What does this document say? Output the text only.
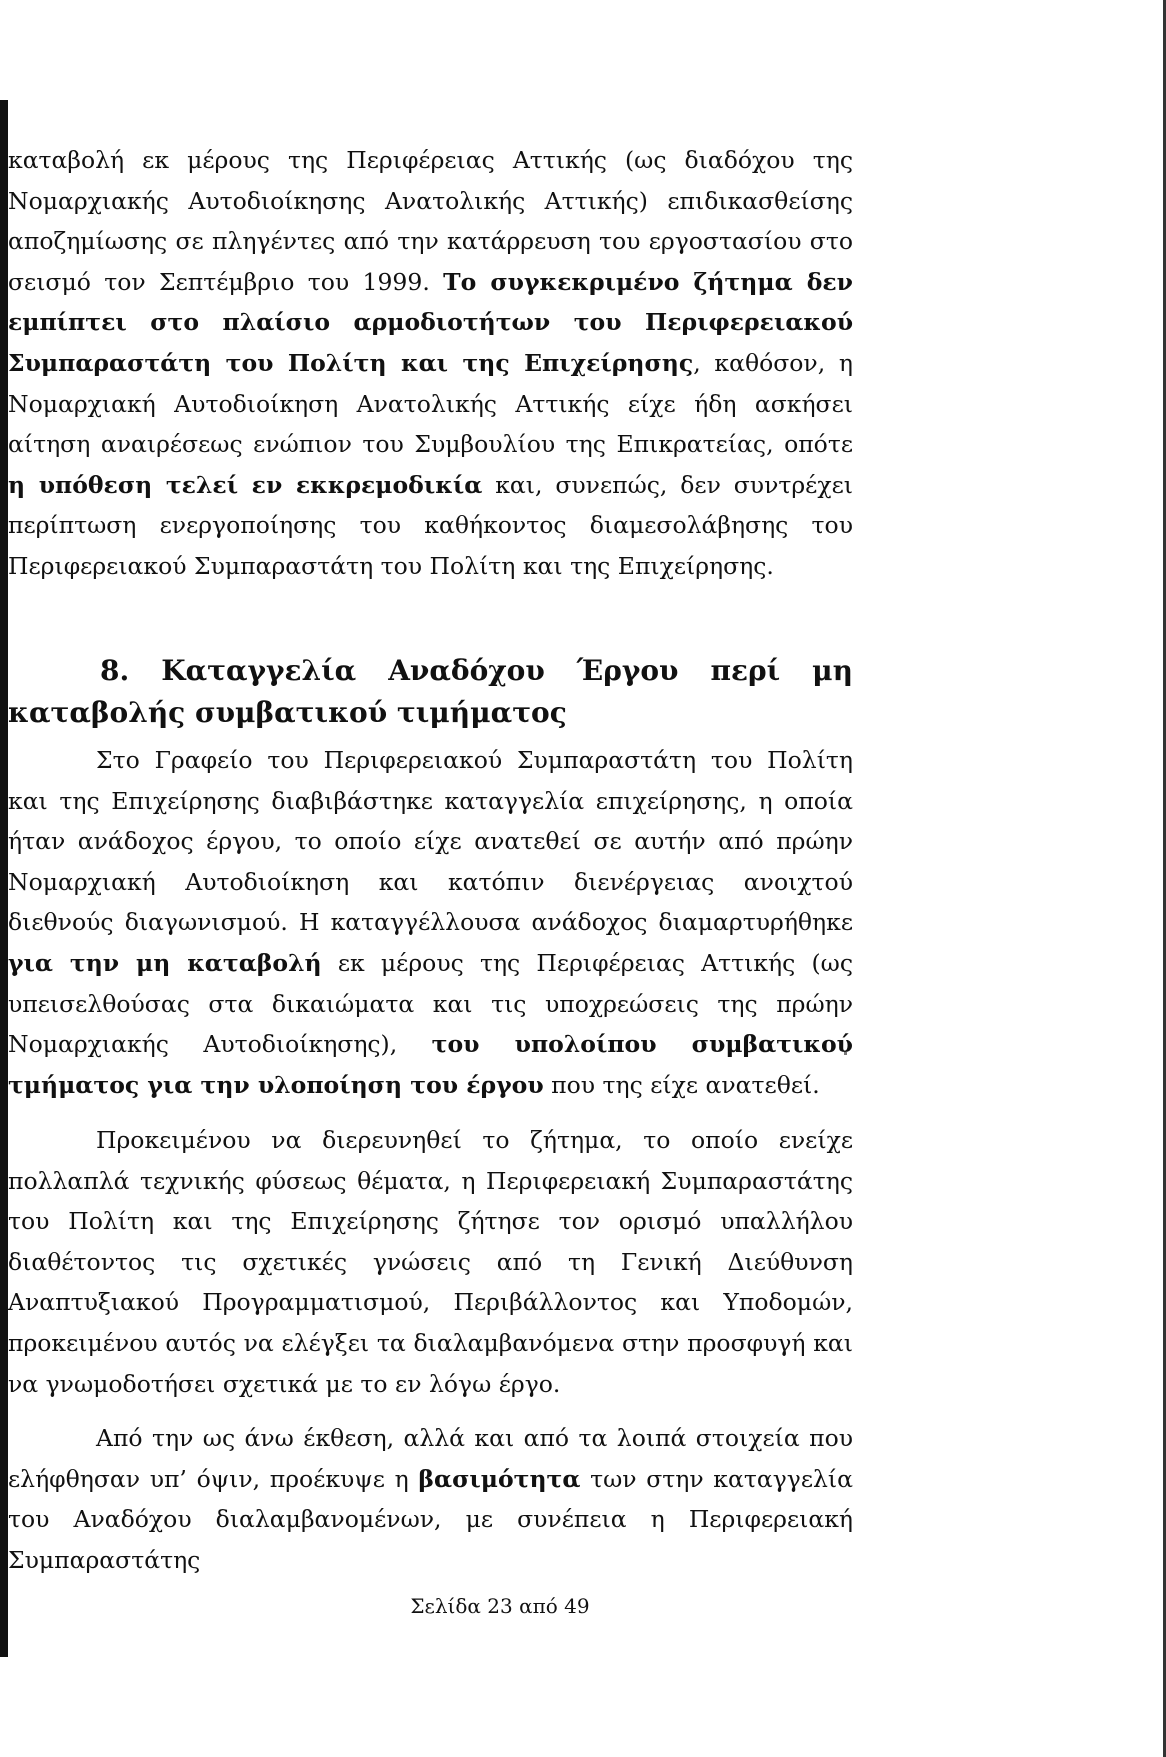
καταβολή εκ μέρους της Περιφέρειας Αττικής (ως διαδόχου της Νομαρχιακής Αυτοδιοίκησης Ανατολικής Αττικής) επιδικασθείσης αποζημίωσης σε πληγέντες από την κατάρρευση του εργοστασίου στο σεισμό τον Σεπτέμβριο του 1999. Το συγκεκριμένο ζήτημα δεν εμπίπτει στο πλαίσιο αρμοδιοτήτων του Περιφερειακού Συμπαραστάτη του Πολίτη και της Επιχείρησης, καθόσον, η Νομαρχιακή Αυτοδιοίκηση Ανατολικής Αττικής είχε ήδη ασκήσει αίτηση αναιρέσεως ενώπιον του Συμβουλίου της Επικρατείας, οπότε η υπόθεση τελεί εν εκκρεμοδικία και, συνεπώς, δεν συντρέχει περίπτωση ενεργοποίησης του καθήκοντος διαμεσολάβησης του Περιφερειακού Συμπαραστάτη του Πολίτη και της Επιχείρησης.

8. Καταγγελία Αναδόχου Έργου περί μη καταβολής συμβατικού τιμήματος

Στο Γραφείο του Περιφερειακού Συμπαραστάτη του Πολίτη και της Επιχείρησης διαβιβάστηκε καταγγελία επιχείρησης, η οποία ήταν ανάδοχος έργου, το οποίο είχε ανατεθεί σε αυτήν από πρώην Νομαρχιακή Αυτοδιοίκηση και κατόπιν διενέργειας ανοιχτού διεθνούς διαγωνισμού. Η καταγγέλλουσα ανάδοχος διαμαρτυρήθηκε για την μη καταβολή εκ μέρους της Περιφέρειας Αττικής (ως υπεισελθούσας στα δικαιώματα και τις υποχρεώσεις της πρώην Νομαρχιακής Αυτοδιοίκησης), του υπολοίπου συμβατικού τμήματος για την υλοποίηση του έργου που της είχε ανατεθεί.

Προκειμένου να διερευνηθεί το ζήτημα, το οποίο ενείχε πολλαπλά τεχνικής φύσεως θέματα, η Περιφερειακή Συμπαραστάτης του Πολίτη και της Επιχείρησης ζήτησε τον ορισμό υπαλλήλου διαθέτοντος τις σχετικές γνώσεις από τη Γενική Διεύθυνση Αναπτυξιακού Προγραμματισμού, Περιβάλλοντος και Υποδομών, προκειμένου αυτός να ελέγξει τα διαλαμβανόμενα στην προσφυγή και να γνωμοδοτήσει σχετικά με το εν λόγω έργο.

Από την ως άνω έκθεση, αλλά και από τα λοιπά στοιχεία που ελήφθησαν υπ’ όψιν, προέκυψε η βασιμότητα των στην καταγγελία του Αναδόχου διαλαμβανομένων, με συνέπεια η Περιφερειακή Συμπαραστάτης

Σελίδα 23 από 49
